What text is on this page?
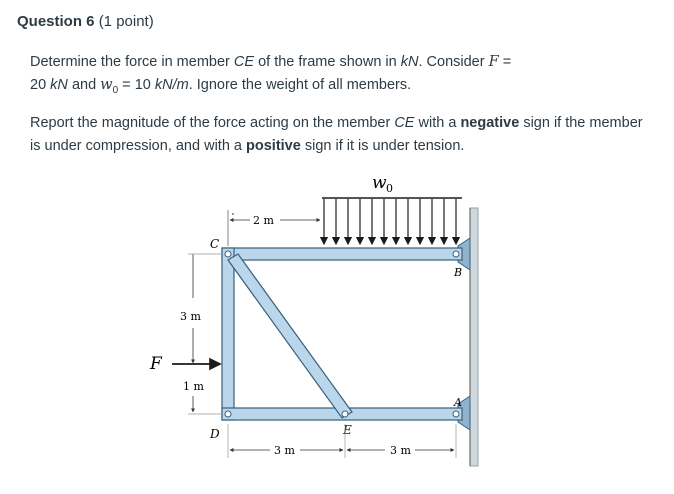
Question 6 (1 point)
Determine the force in member CE of the frame shown in kN. Consider F =
20 kN and $w_0 = 10$ kN/m. Ignore the weight of all members.
Report the magnitude of the force acting on the member CE with a negative sign if the member is under compression, and with a positive sign if it is under tension.
w 0
2 m
3 m
1 m
F
C
B
A
D	E
3 m	3 m
